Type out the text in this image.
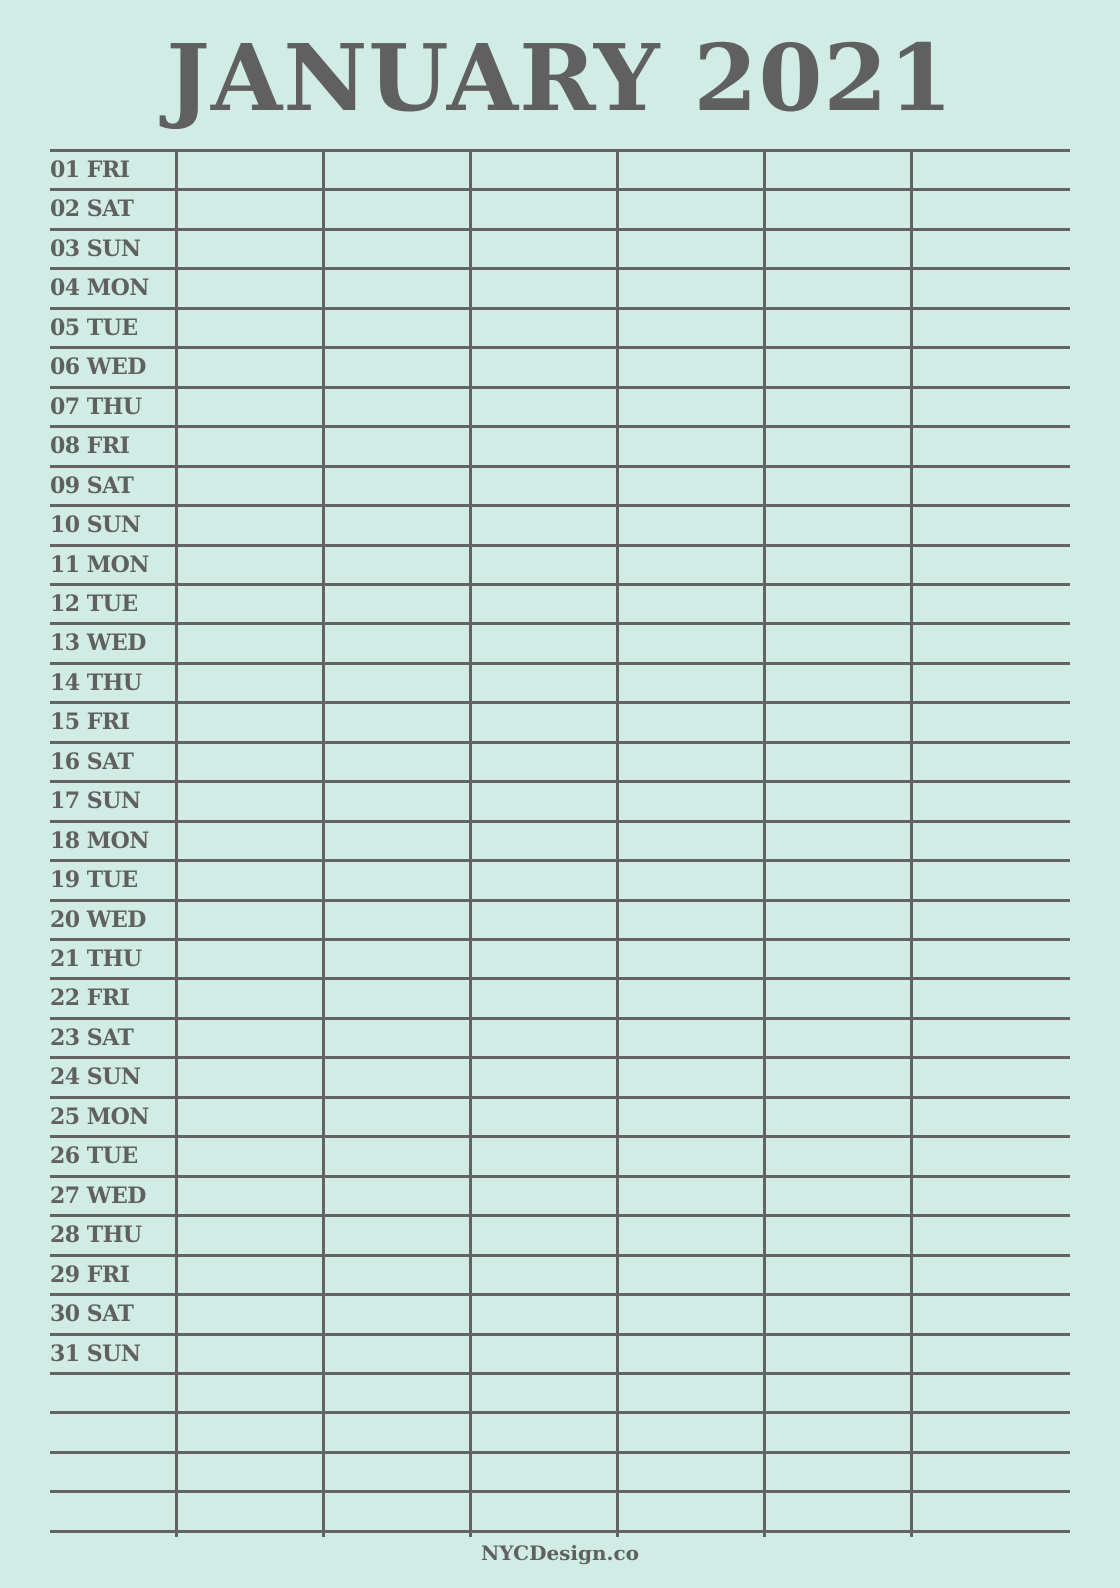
JANUARY 2021
01 FRI
02 SAT
03 SUN
04 MON
05 TUE
06 WED
07 THU
08 FRI
09 SAT
10 SUN
11 MON
12 TUE
13 WED
14 THU
15 FRI
16 SAT
17 SUN
18 MON
19 TUE
20 WED
21 THU
22 FRI
23 SAT
24 SUN
25 MON
26 TUE
27 WED
28 THU
29 FRI
30 SAT
31 SUN
NYCDesign.co
